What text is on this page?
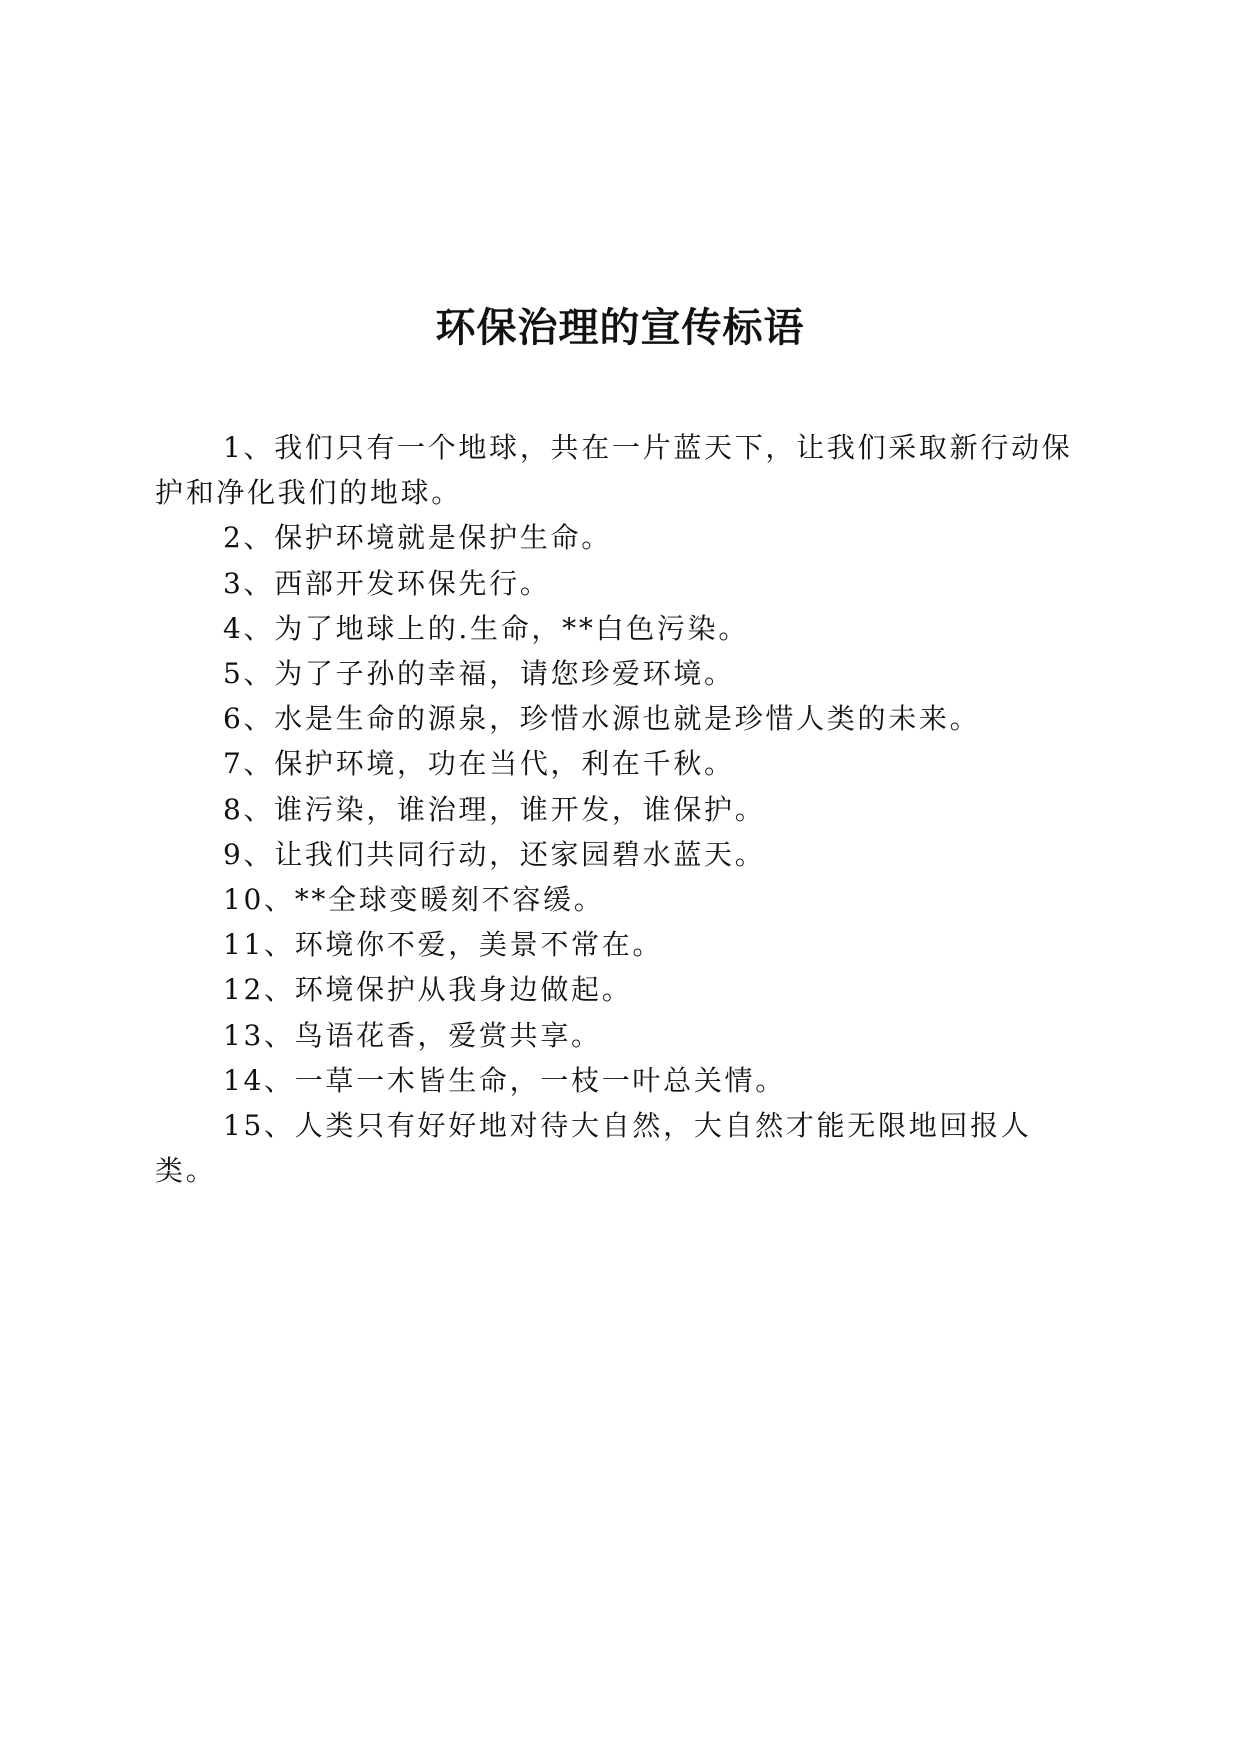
环保治理的宣传标语
1、我们只有一个地球，共在一片蓝天下，让我们采取新行动保护和净化我们的地球。
2、保护环境就是保护生命。
3、西部开发环保先行。
4、为了地球上的.生命，**白色污染。
5、为了子孙的幸福，请您珍爱环境。
6、水是生命的源泉，珍惜水源也就是珍惜人类的未来。
7、保护环境，功在当代，利在千秋。
8、谁污染，谁治理，谁开发，谁保护。
9、让我们共同行动，还家园碧水蓝天。
10、**全球变暖刻不容缓。
11、环境你不爱，美景不常在。
12、环境保护从我身边做起。
13、鸟语花香，爱赏共享。
14、一草一木皆生命，一枝一叶总关情。
15、人类只有好好地对待大自然，大自然才能无限地回报人类。
